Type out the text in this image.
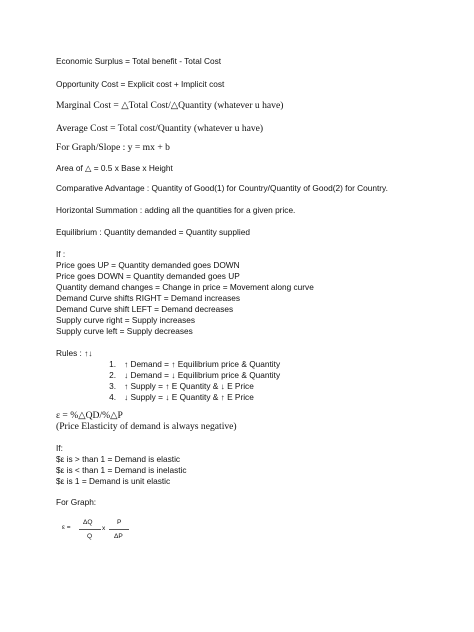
Economic Surplus = Total benefit - Total Cost
Opportunity Cost = Explicit cost + Implicit cost
Marginal Cost = △Total Cost/△Quantity (whatever u have)
Average Cost = Total cost/Quantity (whatever u have)
For Graph/Slope : y = mx + b
Area of △ = 0.5 x Base x Height
Comparative Advantage : Quantity of Good(1) for Country/Quantity of Good(2) for Country.
Horizontal Summation : adding all the quantities for a given price.
Equilibrium : Quantity demanded = Quantity supplied
If :
Price goes UP = Quantity demanded goes DOWN
Price goes DOWN = Quantity demanded goes UP
Quantity demand changes = Change in price = Movement along curve
Demand Curve shifts RIGHT = Demand increases
Demand Curve shift LEFT = Demand decreases
Supply curve right = Supply increases
Supply curve left = Supply decreases
Rules : ↑↓
1. ↑ Demand = ↑ Equilibrium price & Quantity
2. ↓ Demand = ↓ Equilibrium price & Quantity
3. ↑ Supply = ↑ E Quantity & ↓ E Price
4. ↓ Supply = ↓ E Quantity & ↑ E Price
ε = %△QD/%△P
(Price Elasticity of demand is always negative)
If:
$ε is > than 1 = Demand is elastic
$ε is < than 1 = Demand is inelastic
$ε is 1 = Demand is unit elastic
For Graph:
ε =
ΔQ
Q
x
P
ΔP
